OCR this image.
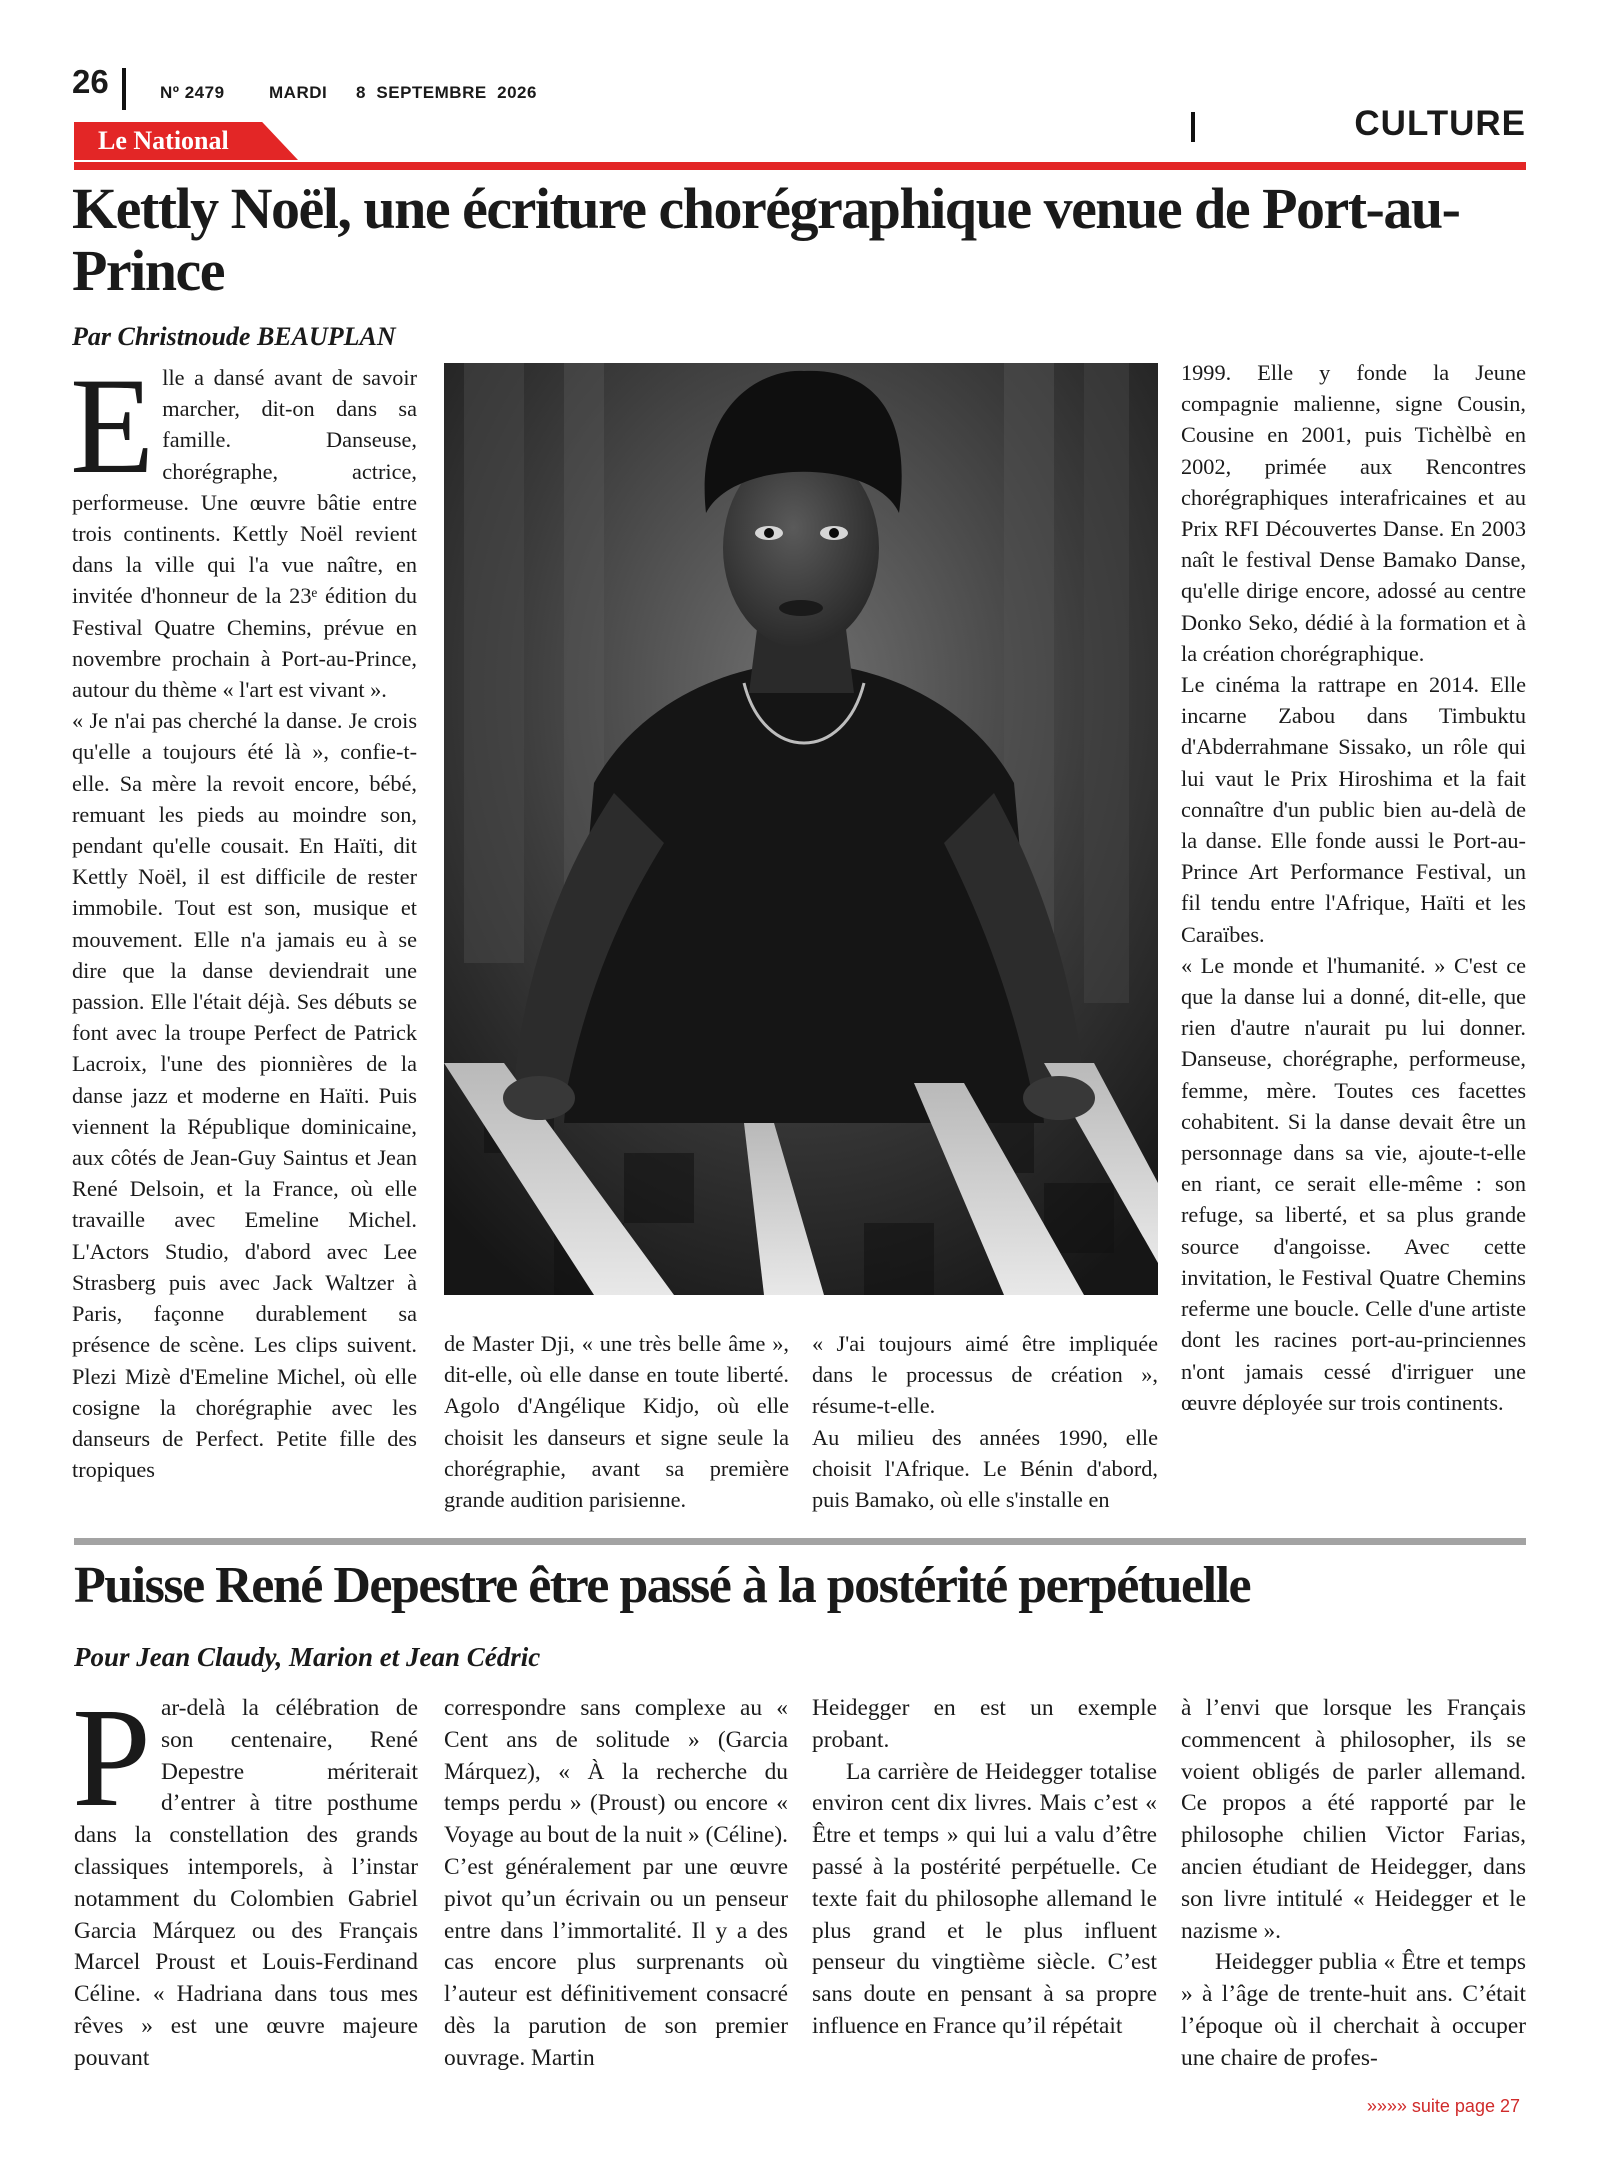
26	Nº 2479	MARDI 8  SEPTEMBRE  2026
CULTURE
Le National
Kettly Noël, une écriture chorégraphique venue de Port-au-Prince
Par Christnoude BEAUPLAN
E lle a dansé avant de savoir marcher, dit-on dans sa famille. Danseuse, chorégraphe, actrice, performeuse. Une œuvre bâtie entre trois continents. Kettly Noël revient dans la ville qui l'a vue naître, en invitée d'honneur de la 23ᵉ édition du Festival Quatre Chemins, prévue en novembre prochain à Port-au-Prince, autour du thème « l'art est vivant ».

« Je n'ai pas cherché la danse. Je crois qu'elle a toujours été là », confie-t-elle. Sa mère la revoit encore, bébé, remuant les pieds au moindre son, pendant qu'elle cousait. En Haïti, dit Kettly Noël, il est difficile de rester immobile. Tout est son, musique et mouvement. Elle n'a jamais eu à se dire que la danse deviendrait une passion. Elle l'était déjà. Ses débuts se font avec la troupe Perfect de Patrick Lacroix, l'une des pionnières de la danse jazz et moderne en Haïti. Puis viennent la République dominicaine, aux côtés de Jean-Guy Saintus et Jean René Delsoin, et la France, où elle travaille avec Emeline Michel. L'Actors Studio, d'abord avec Lee Strasberg puis avec Jack Waltzer à Paris, façonne durablement sa présence de scène. Les clips suivent. Plezi Mizè d'Emeline Michel, où elle cosigne la chorégraphie avec les danseurs de Perfect. Petite fille des tropiques

de Master Dji, « une très belle âme », dit-elle, où elle danse en toute liberté. Agolo d'Angélique Kidjo, où elle choisit les danseurs et signe seule la chorégraphie, avant sa première grande audition parisienne.

« J'ai toujours aimé être impliquée dans le processus de création », résume-t-elle.

Au milieu des années 1990, elle choisit l'Afrique. Le Bénin d'abord, puis Bamako, où elle s'installe en

1999. Elle y fonde la Jeune compagnie malienne, signe Cousin, Cousine en 2001, puis Tichèlbè en 2002, primée aux Rencontres chorégraphiques interafricaines et au Prix RFI Découvertes Danse. En 2003 naît le festival Dense Bamako Danse, qu'elle dirige encore, adossé au centre Donko Seko, dédié à la formation et à la création chorégraphique.

Le cinéma la rattrape en 2014. Elle incarne Zabou dans Timbuktu d'Abderrahmane Sissako, un rôle qui lui vaut le Prix Hiroshima et la fait connaître d'un public bien au-delà de la danse. Elle fonde aussi le Port-au-Prince Art Performance Festival, un fil tendu entre l'Afrique, Haïti et les Caraïbes.

« Le monde et l'humanité. » C'est ce que la danse lui a donné, dit-elle, que rien d'autre n'aurait pu lui donner. Danseuse, chorégraphe, performeuse, femme, mère. Toutes ces facettes cohabitent. Si la danse devait être un personnage dans sa vie, ajoute-t-elle en riant, ce serait elle-même : son refuge, sa liberté, et sa plus grande source d'angoisse. Avec cette invitation, le Festival Quatre Chemins referme une boucle. Celle d'une artiste dont les racines port-au-princiennes n'ont jamais cessé d'irriguer une œuvre déployée sur trois continents.

Puisse René Depestre être passé à la postérité perpétuelle
Pour Jean Claudy, Marion et Jean Cédric
P ar-delà la célébration de son centenaire, René Depestre mériterait d’entrer à titre posthume dans la constellation des grands classiques intemporels, à l’instar notamment du Colombien Gabriel Garcia Márquez ou des Français Marcel Proust et Louis-Ferdinand Céline. « Hadriana dans tous mes rêves » est une œuvre majeure pouvant

correspondre sans complexe au « Cent ans de solitude » (Garcia Márquez), « À la recherche du temps perdu » (Proust) ou encore « Voyage au bout de la nuit » (Céline). C’est généralement par une œuvre pivot qu’un écrivain ou un penseur entre dans l’immortalité. Il y a des cas encore plus surprenants où l’auteur est définitivement consacré dès la parution de son premier ouvrage. Martin

Heidegger en est un exemple probant.

La carrière de Heidegger totalise environ cent dix livres. Mais c’est « Être et temps » qui lui a valu d’être passé à la postérité perpétuelle. Ce texte fait du philosophe allemand le plus grand et le plus influent penseur du vingtième siècle. C’est sans doute en pensant à sa propre influence en France qu’il répétait

à l’envi que lorsque les Français commencent à philosopher, ils se voient obligés de parler allemand. Ce propos a été rapporté par le philosophe chilien Victor Farias, ancien étudiant de Heidegger, dans son livre intitulé « Heidegger et le nazisme ».

Heidegger publia « Être et temps » à l’âge de trente-huit ans. C’était l’époque où il cherchait à occuper une chaire de profes-

»»»» suite page 27
